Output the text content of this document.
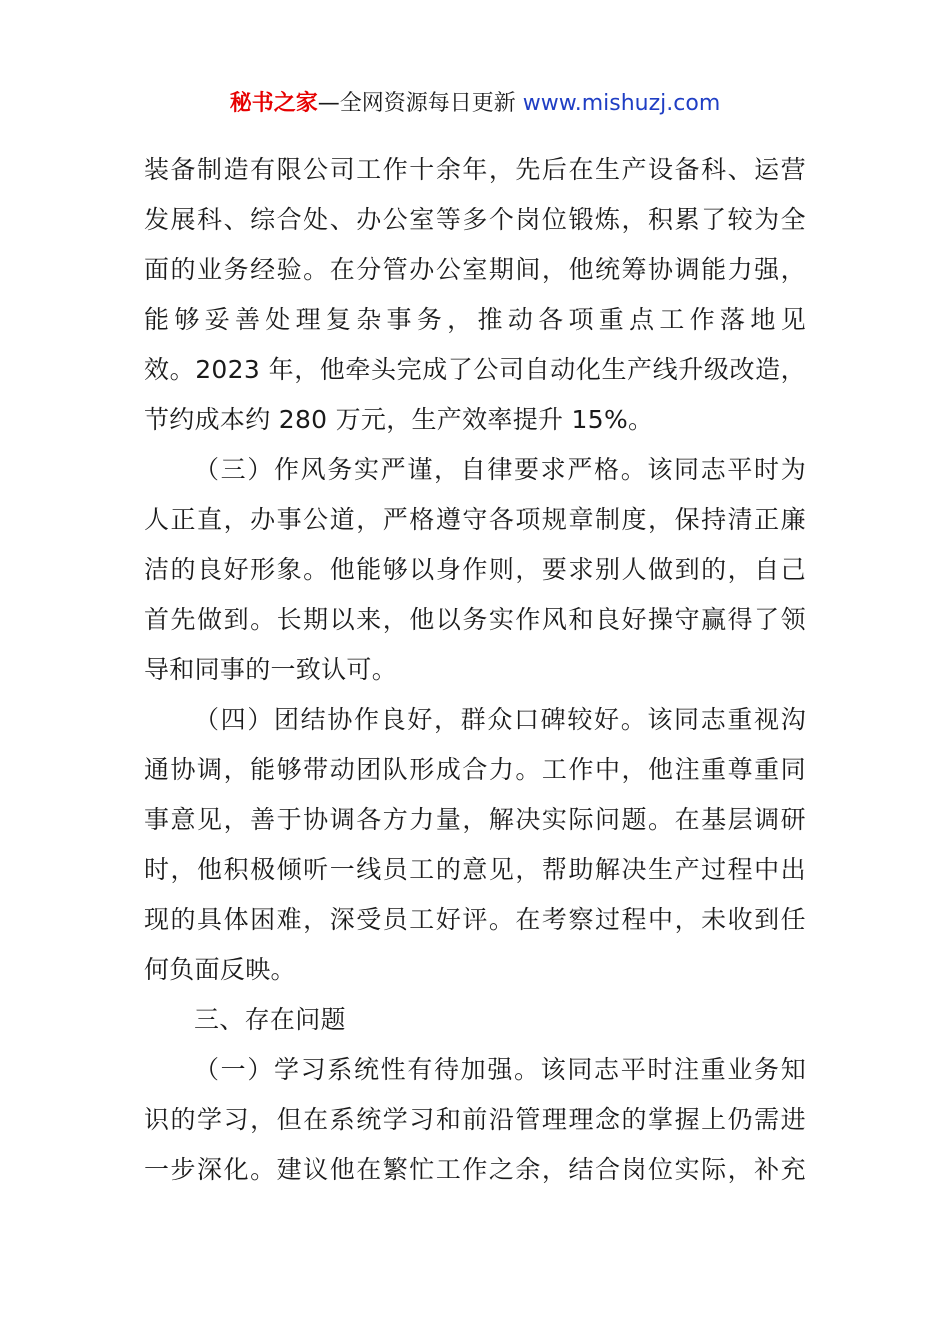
秘书之家—全网资源每日更新 www.mishuzj.com
装备制造有限公司工作十余年，先后在生产设备科、运营
发展科、综合处、办公室等多个岗位锻炼，积累了较为全
面的业务经验。在分管办公室期间，他统筹协调能力强，
能够妥善处理复杂事务，推动各项重点工作落地见
效。2023 年，他牵头完成了公司自动化生产线升级改造，
节约成本约 280 万元，生产效率提升 15%。
（三）作风务实严谨，自律要求严格。该同志平时为
人正直，办事公道，严格遵守各项规章制度，保持清正廉
洁的良好形象。他能够以身作则，要求别人做到的，自己
首先做到。长期以来，他以务实作风和良好操守赢得了领
导和同事的一致认可。
（四）团结协作良好，群众口碑较好。该同志重视沟
通协调，能够带动团队形成合力。工作中，他注重尊重同
事意见，善于协调各方力量，解决实际问题。在基层调研
时，他积极倾听一线员工的意见，帮助解决生产过程中出
现的具体困难，深受员工好评。在考察过程中，未收到任
何负面反映。
三、存在问题
（一）学习系统性有待加强。该同志平时注重业务知
识的学习，但在系统学习和前沿管理理念的掌握上仍需进
一步深化。建议他在繁忙工作之余，结合岗位实际，补充
